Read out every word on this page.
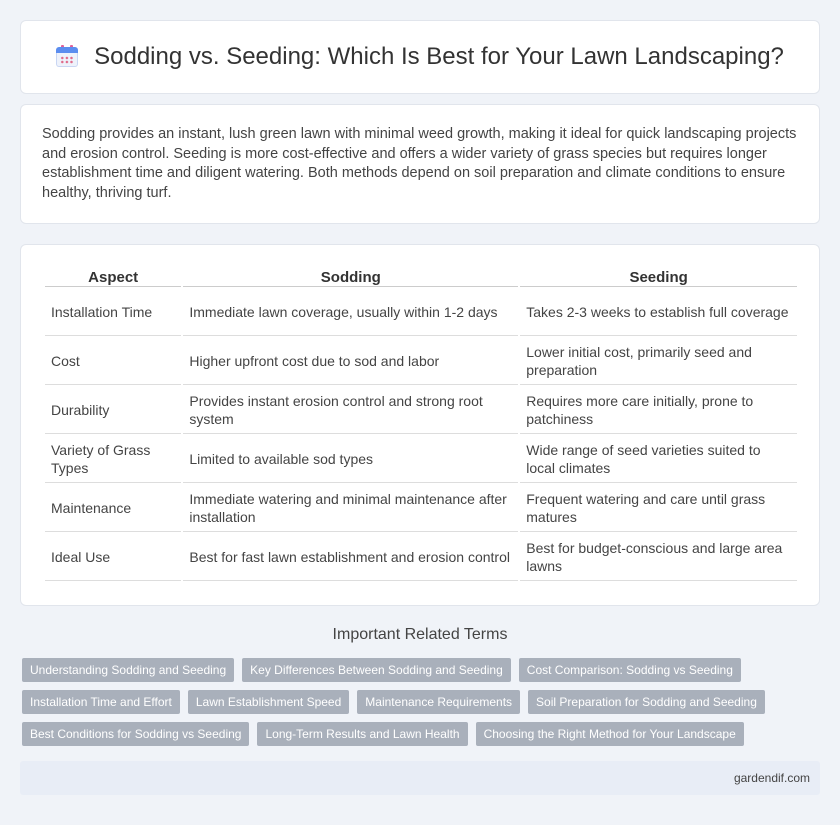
Sodding vs. Seeding: Which Is Best for Your Lawn Landscaping?

Sodding provides an instant, lush green lawn with minimal weed growth, making it ideal for quick landscaping projects and erosion control. Seeding is more cost-effective and offers a wider variety of grass species but requires longer establishment time and diligent watering. Both methods depend on soil preparation and climate conditions to ensure healthy, thriving turf.

Aspect	Sodding	Seeding
Installation Time	Immediate lawn coverage, usually within 1-2 days	Takes 2-3 weeks to establish full coverage
Cost	Higher upfront cost due to sod and labor	Lower initial cost, primarily seed and preparation
Durability	Provides instant erosion control and strong root system	Requires more care initially, prone to patchiness
Variety of Grass Types	Limited to available sod types	Wide range of seed varieties suited to local climates
Maintenance	Immediate watering and minimal maintenance after installation	Frequent watering and care until grass matures
Ideal Use	Best for fast lawn establishment and erosion control	Best for budget-conscious and large area lawns
Important Related Terms
Understanding Sodding and Seeding	Key Differences Between Sodding and Seeding	Cost Comparison: Sodding vs Seeding
Installation Time and Effort	Lawn Establishment Speed	Maintenance Requirements	Soil Preparation for Sodding and Seeding
Best Conditions for Sodding vs Seeding	Long-Term Results and Lawn Health	Choosing the Right Method for Your Landscape
gardendif.com
